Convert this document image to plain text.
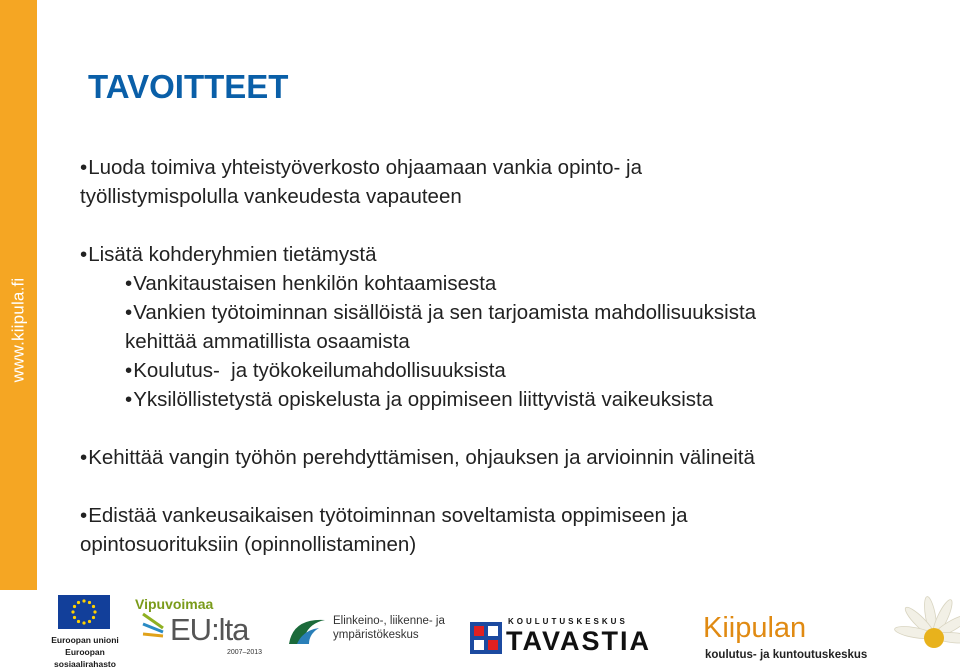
www.kiipula.fi
TAVOITTEET

•Luoda toimiva yhteistyöverkosto ohjaamaan vankia opinto- ja
työllistymispolulla vankeudesta vapauteen

•Lisätä kohderyhmien tietämystä

•Vankitaustaisen henkilön kohtaamisesta

•Vankien työtoiminnan sisällöistä ja sen tarjoamista mahdollisuuksista
kehittää ammatillista osaamista

•Koulutus-  ja työkokeilumahdollisuuksista

•Yksilöllistetystä opiskelusta ja oppimiseen liittyvistä vaikeuksista

•Kehittää vangin työhön perehdyttämisen, ohjauksen ja arvioinnin välineitä

•Edistää vankeusaikaisen työtoiminnan soveltamista oppimiseen ja
opintosuorituksiin (opinnollistaminen)

Euroopan unioni
Euroopan sosiaalirahasto
Vipuvoimaa
EU:lta
2007–2013
Elinkeino-, liikenne- ja
ympäristökeskus
KOULUTUSKESKUS
TAVASTIA Kiipulan
koulutus- ja kuntoutuskeskus
